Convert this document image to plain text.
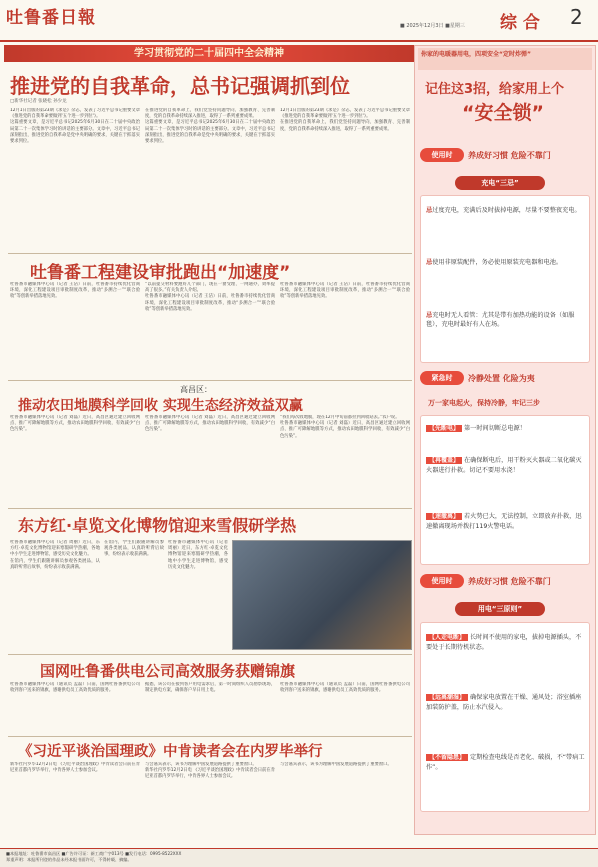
吐鲁番日報	■ 2025年12月3日 ■星期三 综 合 2
学习贯彻党的二十届四中全会精神
推进党的自我革命，总书记强调抓到位
□新华社记者 张晓松 孙少龙

12月1日出版的第23期《求是》杂志，发表了习近平总书记重要文章《推进党的自我革命要做到'五个进一步到位'》。

这篇重要文章，是习近平总书记2025年6月30日在二十届中央政治局第二十一次集体学习时的讲话的主要部分。文章中，习近平总书记深刻指出，推进党的自我革命是党中央明确的要求，关键在于抓落实要求到位。

在推进党的自我革命上，我们党坚持问题导向、加强教育、完善制度，党的自我革命持续深入推进，取得了一系列重要成果。

这篇重要文章，是习近平总书记2025年6月30日在二十届中央政治局第二十一次集体学习时的讲话的主要部分。文章中，习近平总书记深刻指出，推进党的自我革命是党中央明确的要求，关键在于抓落实要求到位。

12月1日出版的第23期《求是》杂志，发表了习近平总书记重要文章《推进党的自我革命要做到'五个进一步到位'》。

在推进党的自我革命上，我们党坚持问题导向、加强教育、完善制度，党的自我革命持续深入推进，取得了一系列重要成果。

吐鲁番工程建设审批跑出“加速度”

吐鲁番市融媒体中心讯（记者 王洁）日前，吐鲁番市持续优化营商环境，深化工程建设项目审批制度改革，推动“多测合一”“联合验收”等创新举措落地见效。

“以前提交材料要跑好几个部门，现在一窗受理、一网通办，效率提高了很多。”有关负责人介绍。

吐鲁番市融媒体中心讯（记者 王洁）日前，吐鲁番市持续优化营商环境，深化工程建设项目审批制度改革，推动“多测合一”“联合验收”等创新举措落地见效。

吐鲁番市融媒体中心讯（记者 王洁）日前，吐鲁番市持续优化营商环境，深化工程建设项目审批制度改革，推动“多测合一”“联合验收”等创新举措落地见效。

高昌区：
推动农田地膜科学回收 实现生态经济效益双赢

吐鲁番市融媒体中心讯（记者 刘磊）近日，高昌区通过建立回收网点、推广可降解地膜等方式，推动农田地膜科学回收，有效减少“白色污染”。

吐鲁番市融媒体中心讯（记者 刘磊）近日，高昌区通过建立回收网点、推广可降解地膜等方式，推动农田地膜科学回收，有效减少“白色污染”。

“我们每次收地膜，现在12月中旬前都拉到回收站去。”农户说。

吐鲁番市融媒体中心讯（记者 刘磊）近日，高昌区通过建立回收网点、推广可降解地膜等方式，推动农田地膜科学回收，有效减少“白色污染”。

东方红·卓览文化博物馆迎来雪假研学热

吐鲁番市融媒体中心讯（记者 周丽）近日，东方红·卓览文化博物馆迎来寒假研学热潮，各地中小学生走进博物馆，感受历史文化魅力。

在馆内，学生们跟随讲解员参观各类展品，认真聆听背后故事，纷纷表示收获满满。

在馆内，学生们跟随讲解员参观各类展品，认真聆听背后故事，纷纷表示收获满满。

吐鲁番市融媒体中心讯（记者 周丽）近日，东方红·卓览文化博物馆迎来寒假研学热潮，各地中小学生走进博物馆，感受历史文化魅力。

国网吐鲁番供电公司高效服务获赠锦旗

吐鲁番市融媒体中心讯（通讯员 孟磊）日前，国网吐鲁番供电公司收到客户送来的锦旗，感谢供电员工高效优质的服务。

据悉，该公司在接到客户用电需求后，第一时间组织人员勘察现场，制定供电方案，确保客户早日用上电。

吐鲁番市融媒体中心讯（通讯员 孟磊）日前，国网吐鲁番供电公司收到客户送来的锦旗，感谢供电员工高效优质的服务。

《习近平谈治国理政》中肯读者会在内罗毕举行

新华社内罗毕12月2日电 《习近平谈治国理政》中肯读者会日前在肯尼亚首都内罗毕举行，中肯各界人士参加会议。

与会嘉宾表示，该书为理解中国发展道路提供了重要窗口。

新华社内罗毕12月2日电 《习近平谈治国理政》中肯读者会日前在肯尼亚首都内罗毕举行，中肯各界人士参加会议。

与会嘉宾表示，该书为理解中国发展道路提供了重要窗口。

你家的电暖器用电，四项安全“定时炸弹”
记住这3招，给家用上个
“安全锁”
使用时	养成好习惯 危险不靠门
充电“三忌”
忌过度充电，充满后及时拔掉电源，尽量不要整夜充电。
忌使用非原装配件，务必使用原装充电器和电池。
忌充电时无人看管：尤其是带有加热功能的设备（如服毯），充电时最好有人在场。
紧急时	冷静处置 化险为夷
万一家电起火，保持冷静，牢记三步
【先断电】 第一时间切断总电源！
【再覆盖】 在确保断电后，用干粉灭火器或二氧化碳灭火器进行扑救。切记不要用水浇！
【速撤离】 若火势已大，无法控制，立即放弃扑救，迅速撤离现场并拨打119火警电话。
使用时	养成好习惯 危险不靠门
用电“三原则”
【人走电断】 长时间不使用的家电，拔掉电源插头，不要处于长期待机状态。
【远离潮湿】 确保家电放置在干燥、通风处；浴室插座加装防护盖，防止水汽侵入。
【不留隐患】 定期检查电线是否老化、破损，不“带病工作”。
■本报地址：吐鲁番市高昌区 ■广告许可证：新工商广字013号 ■发行电话：0995-8522XXX
郑重声明：本报所刊登的作品未经本报书面许可，不得转载、摘编。
